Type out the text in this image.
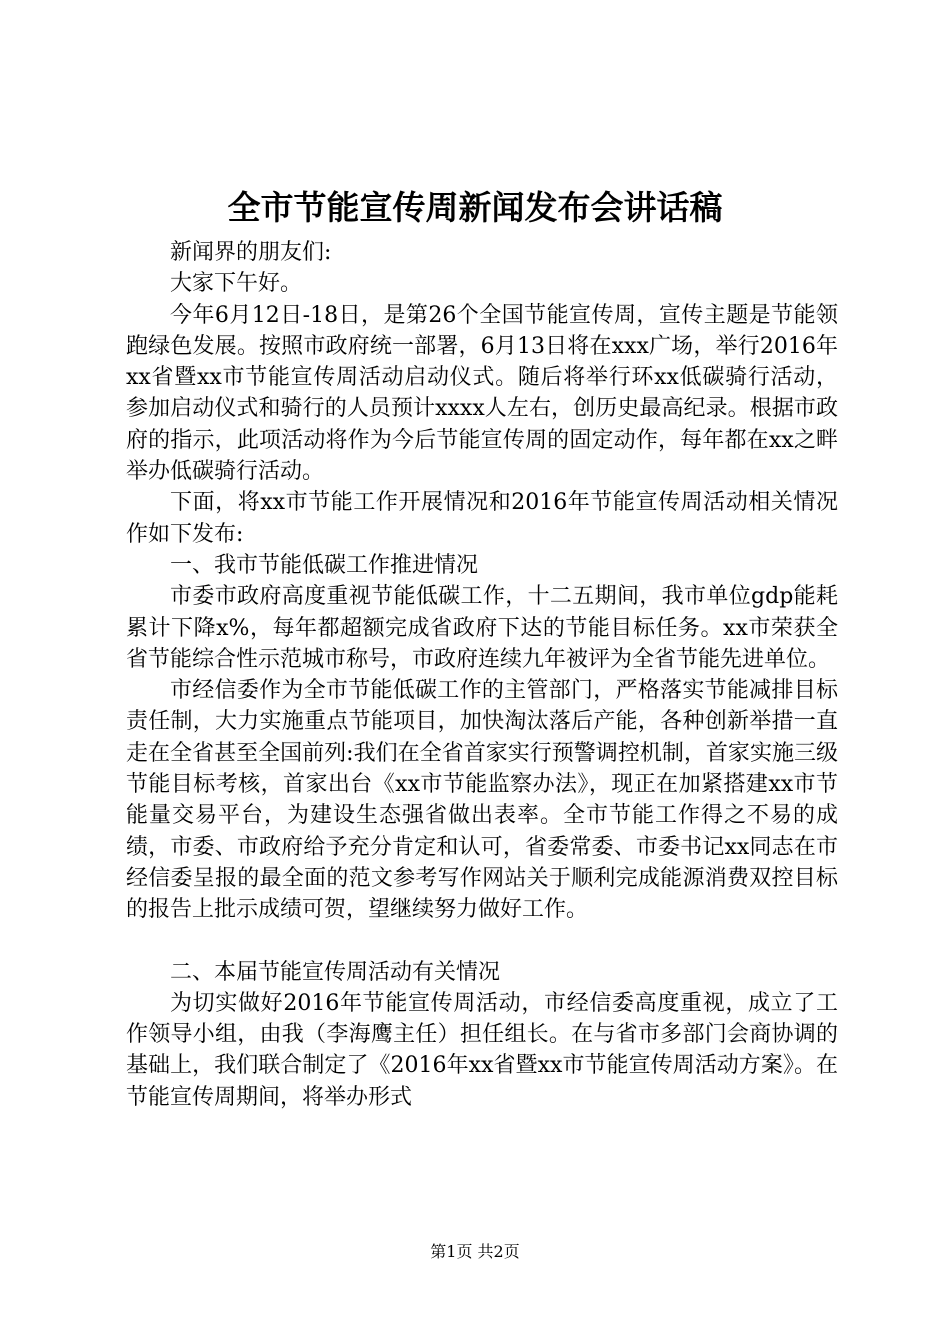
全市节能宣传周新闻发布会讲话稿

新闻界的朋友们:

大家下午好。

今年6月12日-18日，是第26个全国节能宣传周，宣传主题是节能领跑绿色发展。按照市政府统一部署，6月13日将在xxx广场，举行2016年xx省暨xx市节能宣传周活动启动仪式。随后将举行环xx低碳骑行活动，参加启动仪式和骑行的人员预计xxxx人左右，创历史最高纪录。根据市政府的指示，此项活动将作为今后节能宣传周的固定动作，每年都在xx之畔举办低碳骑行活动。

下面，将xx市节能工作开展情况和2016年节能宣传周活动相关情况作如下发布:

一、我市节能低碳工作推进情况

市委市政府高度重视节能低碳工作，十二五期间，我市单位gdp能耗累计下降x%，每年都超额完成省政府下达的节能目标任务。xx市荣获全省节能综合性示范城市称号，市政府连续九年被评为全省节能先进单位。

市经信委作为全市节能低碳工作的主管部门，严格落实节能减排目标责任制，大力实施重点节能项目，加快淘汰落后产能，各种创新举措一直走在全省甚至全国前列:我们在全省首家实行预警调控机制，首家实施三级节能目标考核，首家出台《xx市节能监察办法》，现正在加紧搭建xx市节能量交易平台，为建设生态强省做出表率。全市节能工作得之不易的成绩，市委、市政府给予充分肯定和认可，省委常委、市委书记xx同志在市经信委呈报的最全面的范文参考写作网站关于顺利完成能源消费双控目标的报告上批示成绩可贺，望继续努力做好工作。

二、本届节能宣传周活动有关情况

为切实做好2016年节能宣传周活动，市经信委高度重视，成立了工作领导小组，由我（李海鹰主任）担任组长。在与省市多部门会商协调的基础上，我们联合制定了《2016年xx省暨xx市节能宣传周活动方案》。在节能宣传周期间，将举办形式

第1页 共2页
